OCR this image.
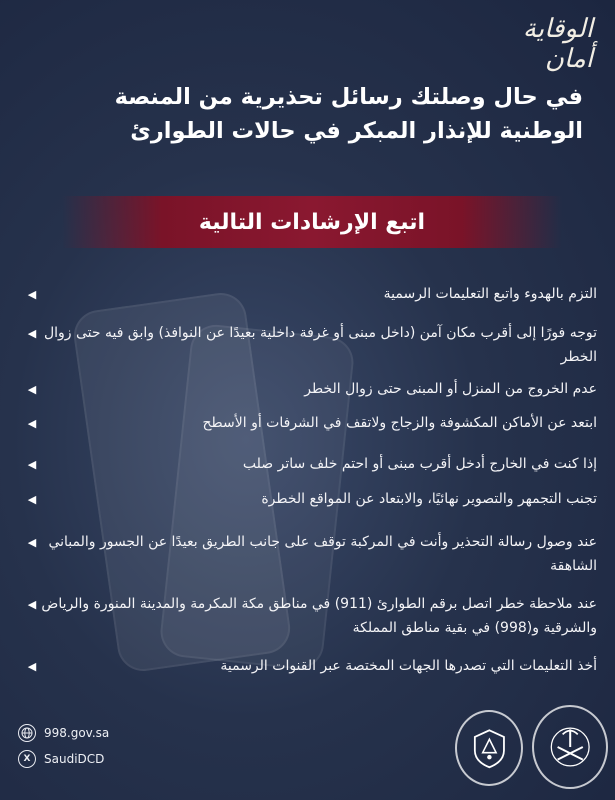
الوقاية أمان
في حال وصلتك رسائل تحذيرية من المنصة
الوطنية للإنذار المبكر في حالات الطوارئ
اتبع الإرشادات التالية
◀	التزم بالهدوء واتبع التعليمات الرسمية
◀ توجه فورًا إلى أقرب مكان آمن (داخل مبنى أو غرفة داخلية بعيدًا عن النوافذ) وابق فيه حتى زوال الخطر
◀	عدم الخروج من المنزل أو المبنى حتى زوال الخطر
◀	ابتعد عن الأماكن المكشوفة والزجاج ولاتقف في الشرفات أو الأسطح
◀	إذا كنت في الخارج أدخل أقرب مبنى أو احتم خلف ساتر صلب
◀	تجنب التجمهر والتصوير نهائيًا، والابتعاد عن المواقع الخطرة
◀ عند وصول رسالة التحذير وأنت في المركبة توقف على جانب الطريق بعيدًا عن الجسور والمباني الشاهقة
◀ عند ملاحظة خطر اتصل برقم الطوارئ (911) في مناطق مكة المكرمة والمدينة المنورة والرياض والشرقية و(998) في بقية مناطق المملكة
◀	أخذ التعليمات التي تصدرها الجهات المختصة عبر القنوات الرسمية
998.gov.sa
X	SaudiDCD
